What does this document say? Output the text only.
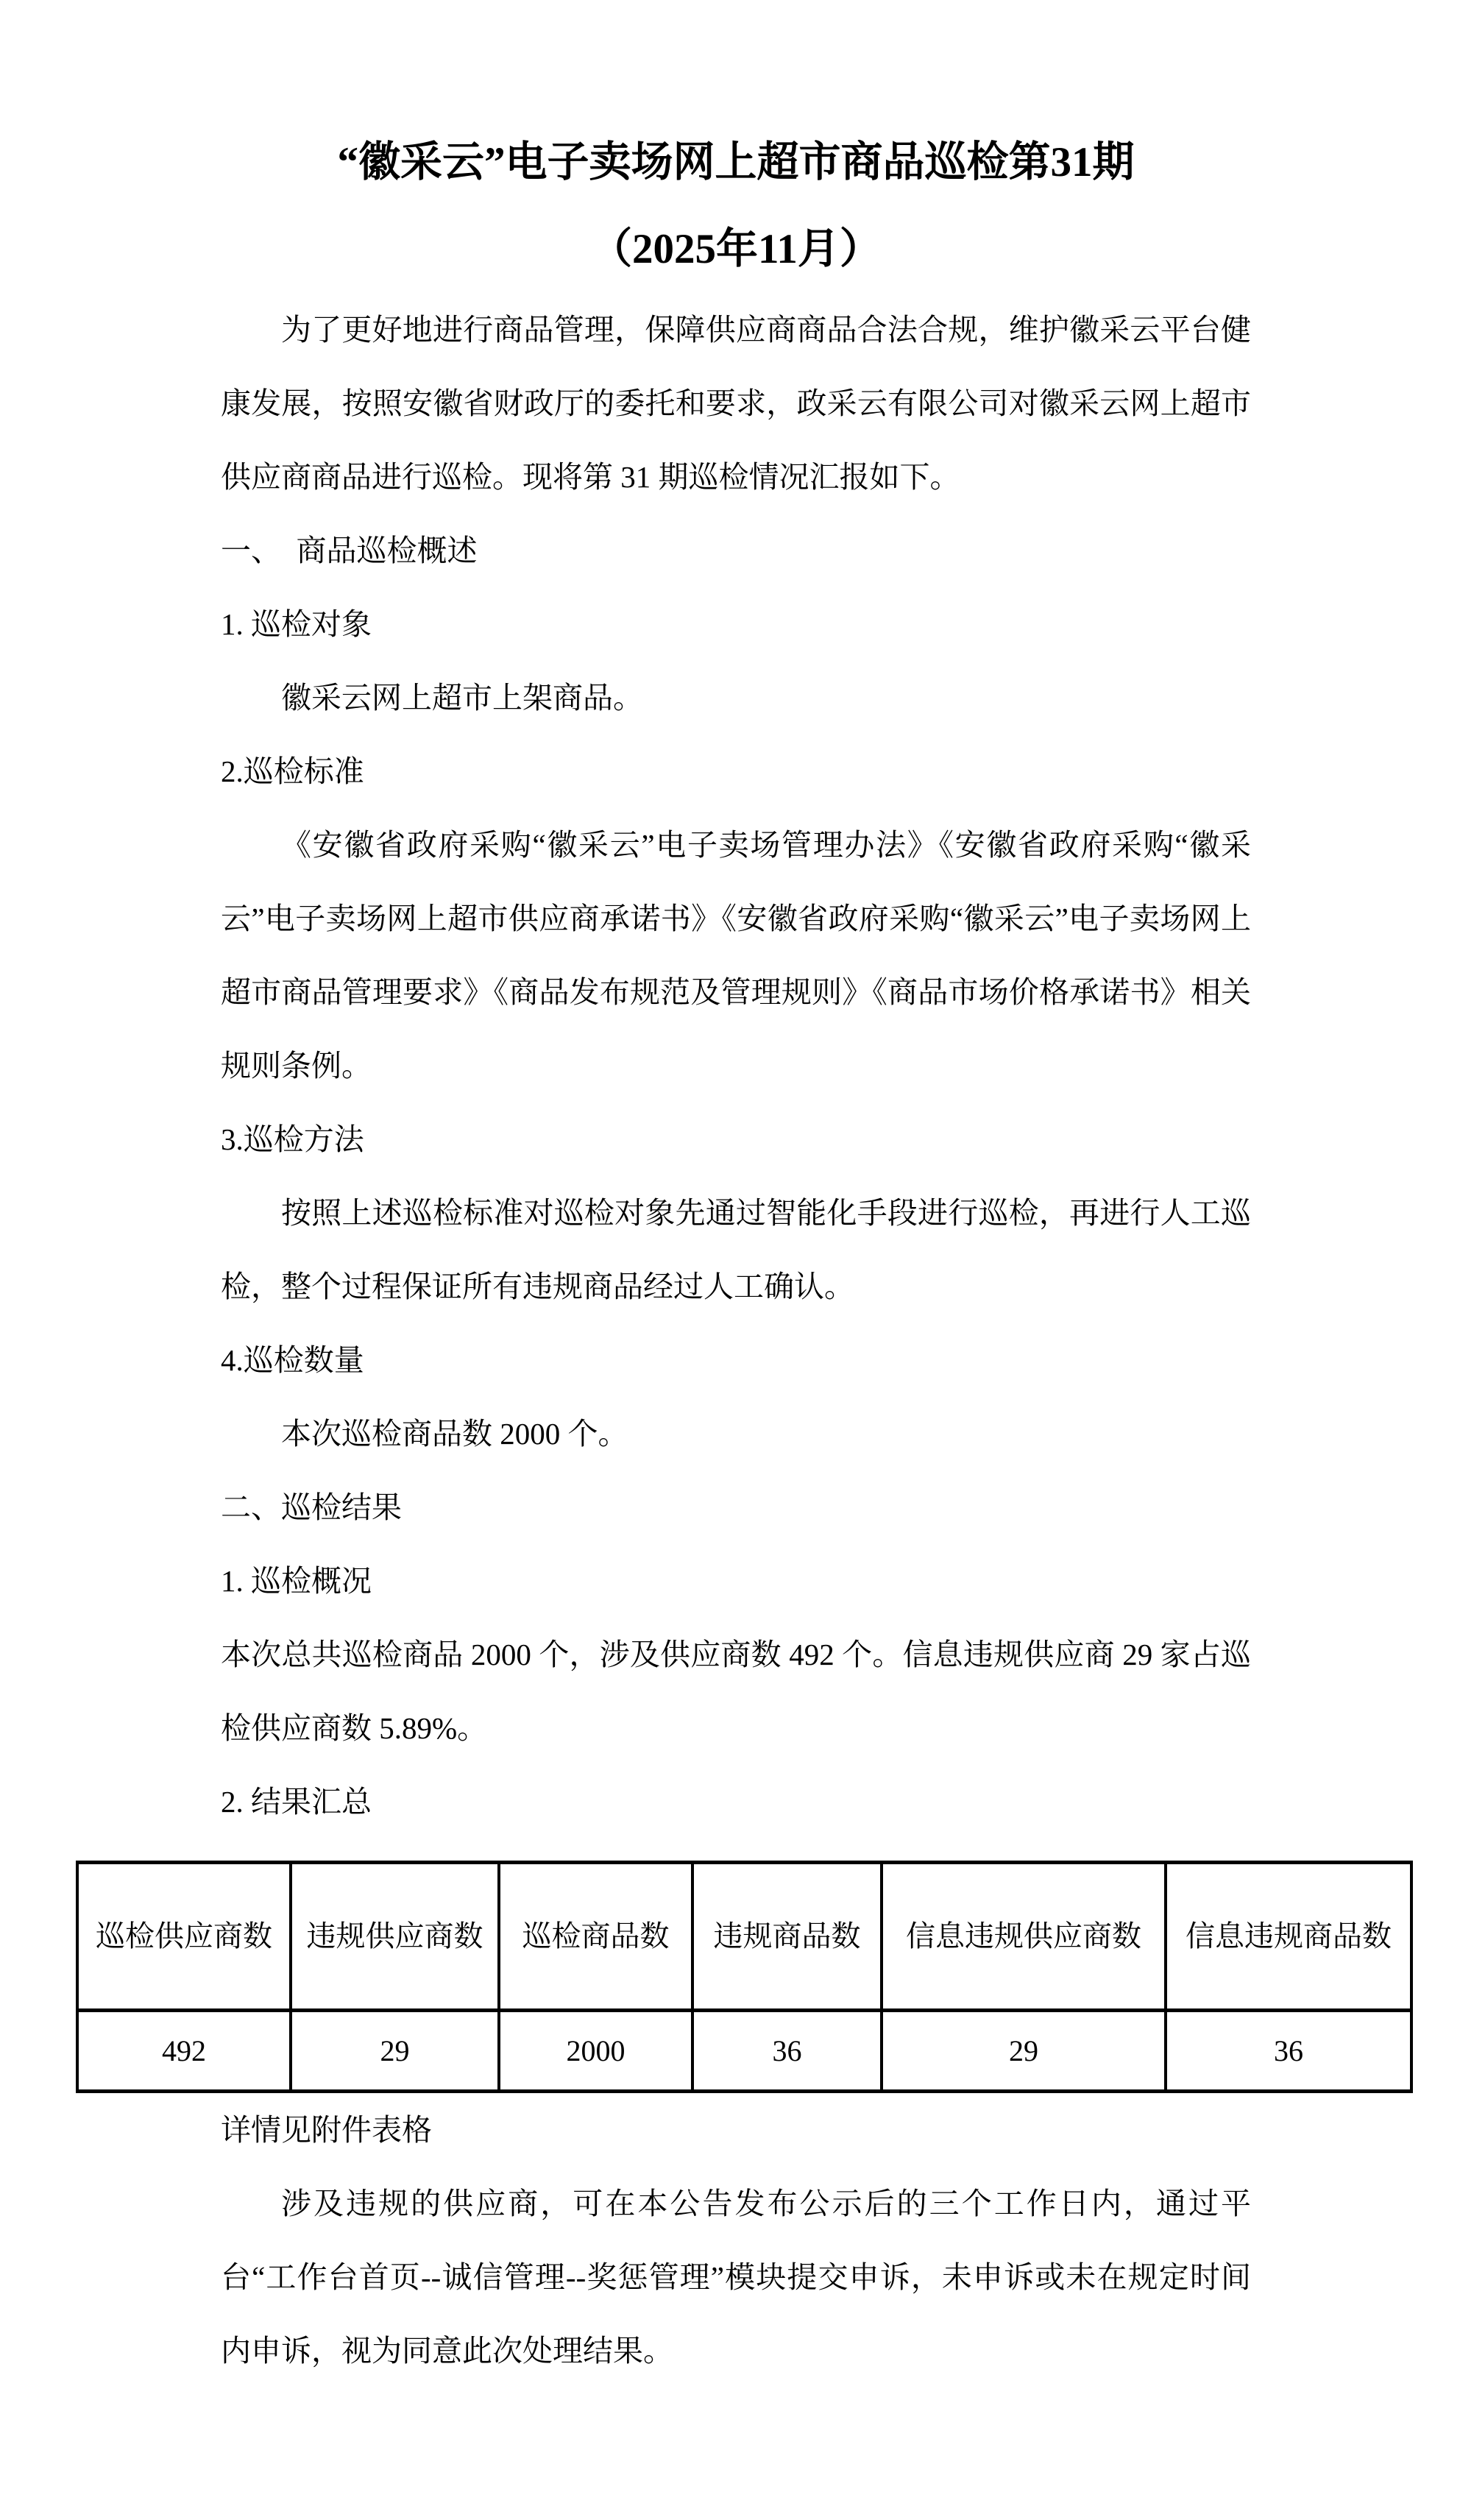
“徽采云”电子卖场网上超市商品巡检第31期
（2025年11月）

为了更好地进行商品管理，保障供应商商品合法合规，维护徽采云平台健康发展，按照安徽省财政厅的委托和要求，政采云有限公司对徽采云网上超市供应商商品进行巡检。现将第 31 期巡检情况汇报如下。

一、　商品巡检概述

1. 巡检对象

徽采云网上超市上架商品。

2.巡检标准

《安徽省政府采购“徽采云”电子卖场管理办法》《安徽省政府采购“徽采云”电子卖场网上超市供应商承诺书》《安徽省政府采购“徽采云”电子卖场网上超市商品管理要求》《商品发布规范及管理规则》《商品市场价格承诺书》相关规则条例。

3.巡检方法

按照上述巡检标准对巡检对象先通过智能化手段进行巡检，再进行人工巡检，整个过程保证所有违规商品经过人工确认。

4.巡检数量

本次巡检商品数 2000 个。

二、巡检结果

1. 巡检概况

本次总共巡检商品 2000 个，涉及供应商数 492 个。信息违规供应商 29 家占巡检供应商数 5.89%。

2. 结果汇总

巡检供应商数	违规供应商数	巡检商品数	违规商品数	信息违规供应商数	信息违规商品数
492	29	2000	36	29	36

详情见附件表格

涉及违规的供应商，可在本公告发布公示后的三个工作日内，通过平台“工作台首页--诚信管理--奖惩管理”模块提交申诉，未申诉或未在规定时间内申诉，视为同意此次处理结果。
